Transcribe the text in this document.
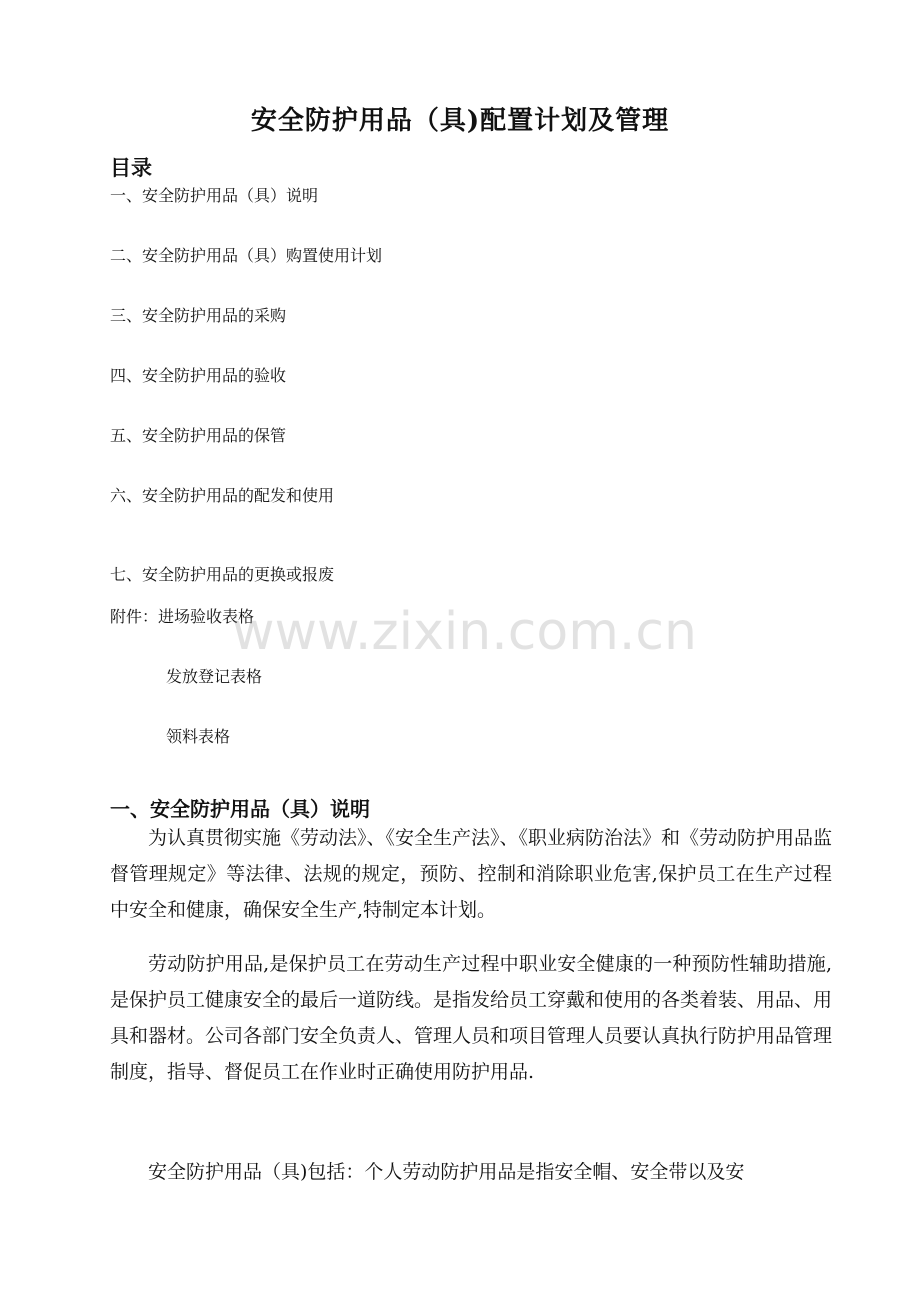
安全防护用品（具)配置计划及管理
目录
一、安全防护用品（具）说明
二、安全防护用品（具）购置使用计划
三、安全防护用品的采购
四、安全防护用品的验收
五、安全防护用品的保管
六、安全防护用品的配发和使用
七、安全防护用品的更换或报废
附件：进场验收表格
发放登记表格
领料表格
一、安全防护用品（具）说明

为认真贯彻实施《劳动法》、《安全生产法》、《职业病防治法》和《劳动防护用品监督管理规定》等法律、法规的规定，预防、控制和消除职业危害,保护员工在生产过程中安全和健康，确保安全生产,特制定本计划。

劳动防护用品,是保护员工在劳动生产过程中职业安全健康的一种预防性辅助措施,是保护员工健康安全的最后一道防线。是指发给员工穿戴和使用的各类着装、用品、用具和器材。公司各部门安全负责人、管理人员和项目管理人员要认真执行防护用品管理制度，指导、督促员工在作业时正确使用防护用品.

安全防护用品（具)包括：个人劳动防护用品是指安全帽、安全带以及安

www.zixin.com.cn
